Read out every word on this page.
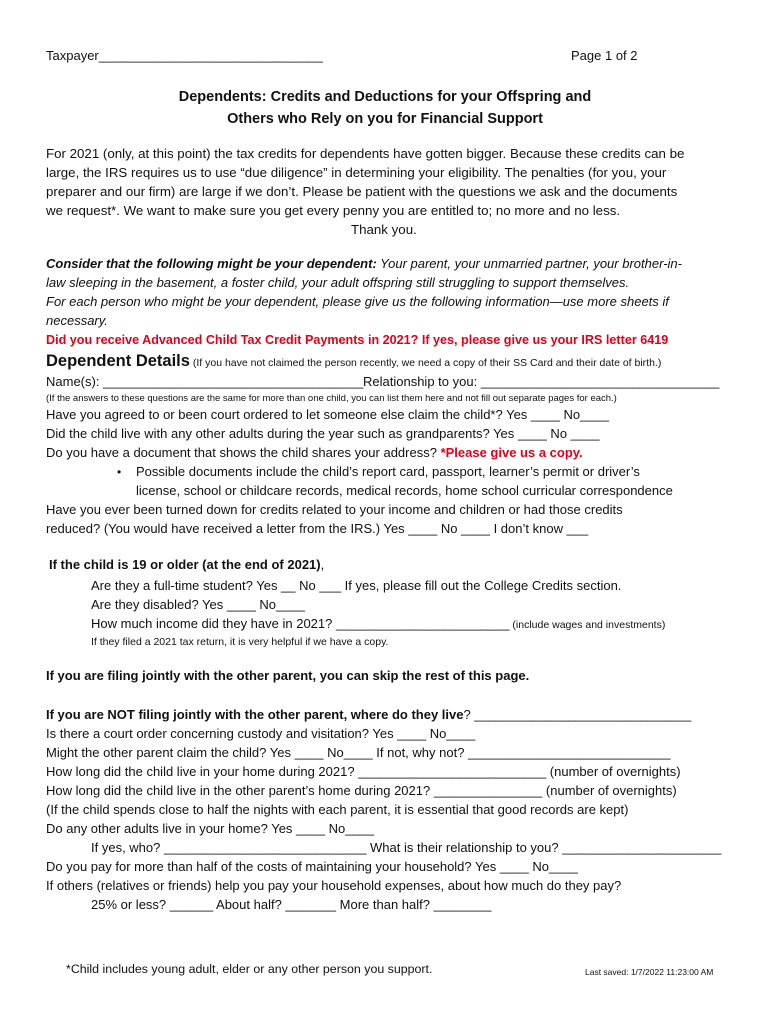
Taxpayer_______________________________	Page 1 of 2
Dependents: Credits and Deductions for your Offspring and
Others who Rely on you for Financial Support
For 2021 (only, at this point) the tax credits for dependents have gotten bigger. Because these credits can be
large, the IRS requires us to use “due diligence” in determining your eligibility. The penalties (for you, your
preparer and our firm) are large if we don’t. Please be patient with the questions we ask and the documents
we request*. We want to make sure you get every penny you are entitled to; no more and no less.
Thank you.
Consider that the following might be your dependent: Your parent, your unmarried partner, your brother-in-
law sleeping in the basement, a foster child, your adult offspring still struggling to support themselves.
For each person who might be your dependent, please give us the following information—use more sheets if
necessary.
Did you receive Advanced Child Tax Credit Payments in 2021? If yes, please give us your IRS letter 6419
Dependent Details (If you have not claimed the person recently, we need a copy of their SS Card and their date of birth.)
Name(s): ____________________________________ Relationship to you: _________________________________
(If the answers to these questions are the same for more than one child, you can list them here and not fill out separate pages for each.)
Have you agreed to or been court ordered to let someone else claim the child*? Yes ____ No____
Did the child live with any other adults during the year such as grandparents? Yes ____ No ____
Do you have a document that shows the child shares your address? *Please give us a copy.
• Possible documents include the child’s report card, passport, learner’s permit or driver’s
license, school or childcare records, medical records, home school curricular correspondence
Have you ever been turned down for credits related to your income and children or had those credits
reduced? (You would have received a letter from the IRS.) Yes ____ No ____ I don’t know ___
If the child is 19 or older (at the end of 2021),
Are they a full-time student? Yes __ No ___ If yes, please fill out the College Credits section.
Are they disabled? Yes ____ No____
How much income did they have in 2021? ________________________ (include wages and investments)
If they filed a 2021 tax return, it is very helpful if we have a copy.
If you are filing jointly with the other parent, you can skip the rest of this page.
If you are NOT filing jointly with the other parent, where do they live? ______________________________
Is there a court order concerning custody and visitation? Yes ____ No____
Might the other parent claim the child? Yes ____ No____ If not, why not? ____________________________
How long did the child live in your home during 2021? __________________________ (number of overnights)
How long did the child live in the other parent’s home during 2021? _______________ (number of overnights)
(If the child spends close to half the nights with each parent, it is essential that good records are kept)
Do any other adults live in your home? Yes ____ No____
If yes, who? ____________________________ What is their relationship to you? ______________________
Do you pay for more than half of the costs of maintaining your household? Yes ____ No____
If others (relatives or friends) help you pay your household expenses, about how much do they pay?
25% or less? ______ About half? _______ More than half? ________
*Child includes young adult, elder or any other person you support.	Last saved: 1/7/2022 11:23:00 AM
